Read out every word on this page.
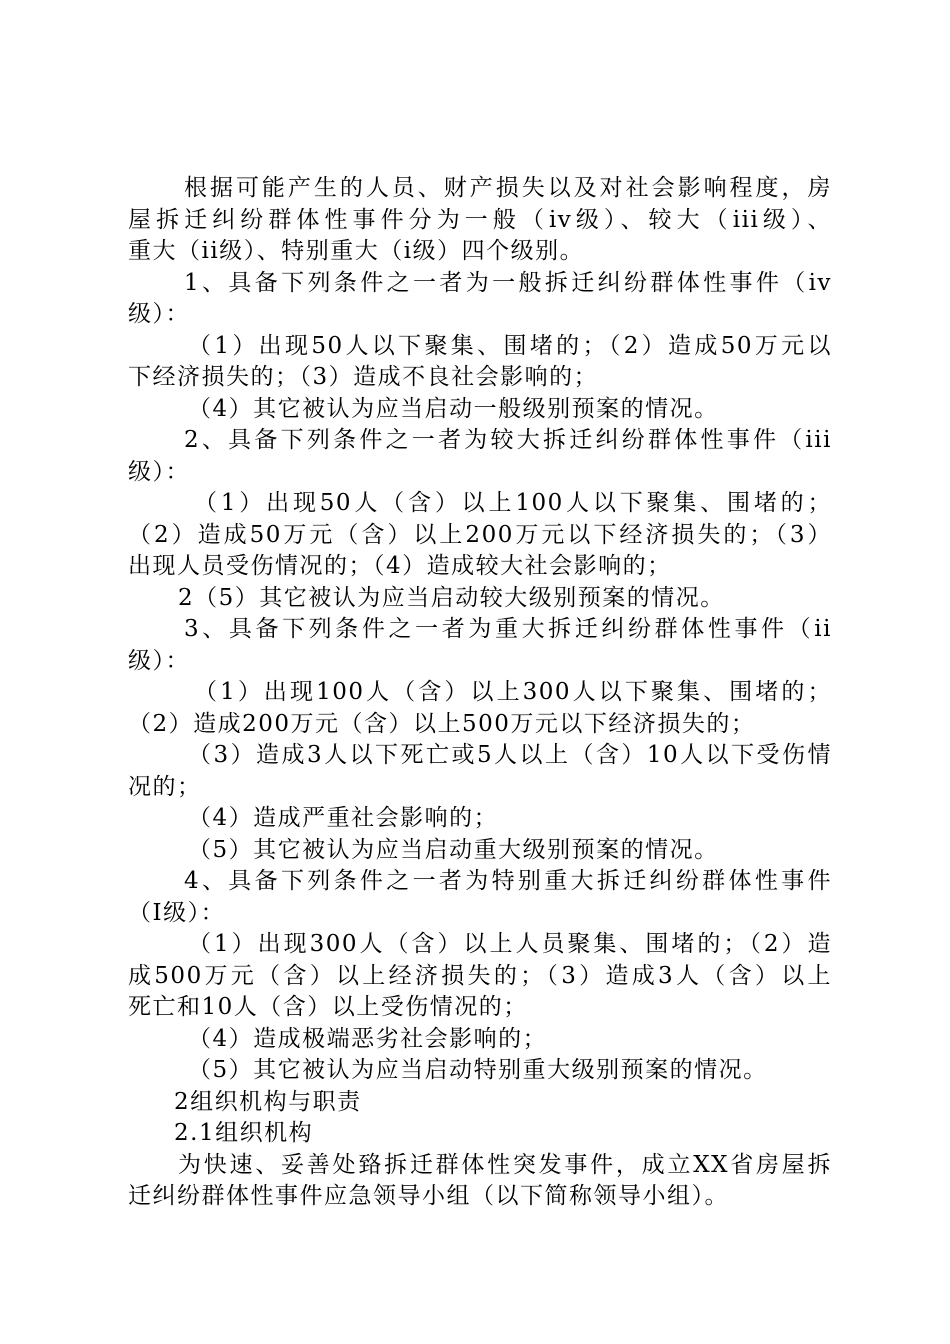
根据可能产生的人员、财产损失以及对社会影响程度，房
屋拆迁纠纷群体性事件分为一般（iv级）、较大（iii级）、
重大（ii级）、特别重大（i级）四个级别。
1、具备下列条件之一者为一般拆迁纠纷群体性事件（iv
级）：
（1）出现50人以下聚集、围堵的；（2）造成50万元以
下经济损失的；（3）造成不良社会影响的；
（4）其它被认为应当启动一般级别预案的情况。
2、具备下列条件之一者为较大拆迁纠纷群体性事件（iii
级）：
（1）出现50人（含）以上100人以下聚集、围堵的；
（2）造成50万元（含）以上200万元以下经济损失的；（3）
出现人员受伤情况的；（4）造成较大社会影响的；
2（5）其它被认为应当启动较大级别预案的情况。
3、具备下列条件之一者为重大拆迁纠纷群体性事件（ii
级）：
（1）出现100人（含）以上300人以下聚集、围堵的；
（2）造成200万元（含）以上500万元以下经济损失的；
（3）造成3人以下死亡或5人以上（含）10人以下受伤情
况的；
（4）造成严重社会影响的；
（5）其它被认为应当启动重大级别预案的情况。
4、具备下列条件之一者为特别重大拆迁纠纷群体性事件
（Ⅰ级）：
（1）出现300人（含）以上人员聚集、围堵的；（2）造
成500万元（含）以上经济损失的；（3）造成3人（含）以上
死亡和10人（含）以上受伤情况的；
（4）造成极端恶劣社会影响的；
（5）其它被认为应当启动特别重大级别预案的情况。
2组织机构与职责
2.1组织机构
为快速、妥善处臵拆迁群体性突发事件，成立XX省房屋拆
迁纠纷群体性事件应急领导小组（以下简称领导小组）。
